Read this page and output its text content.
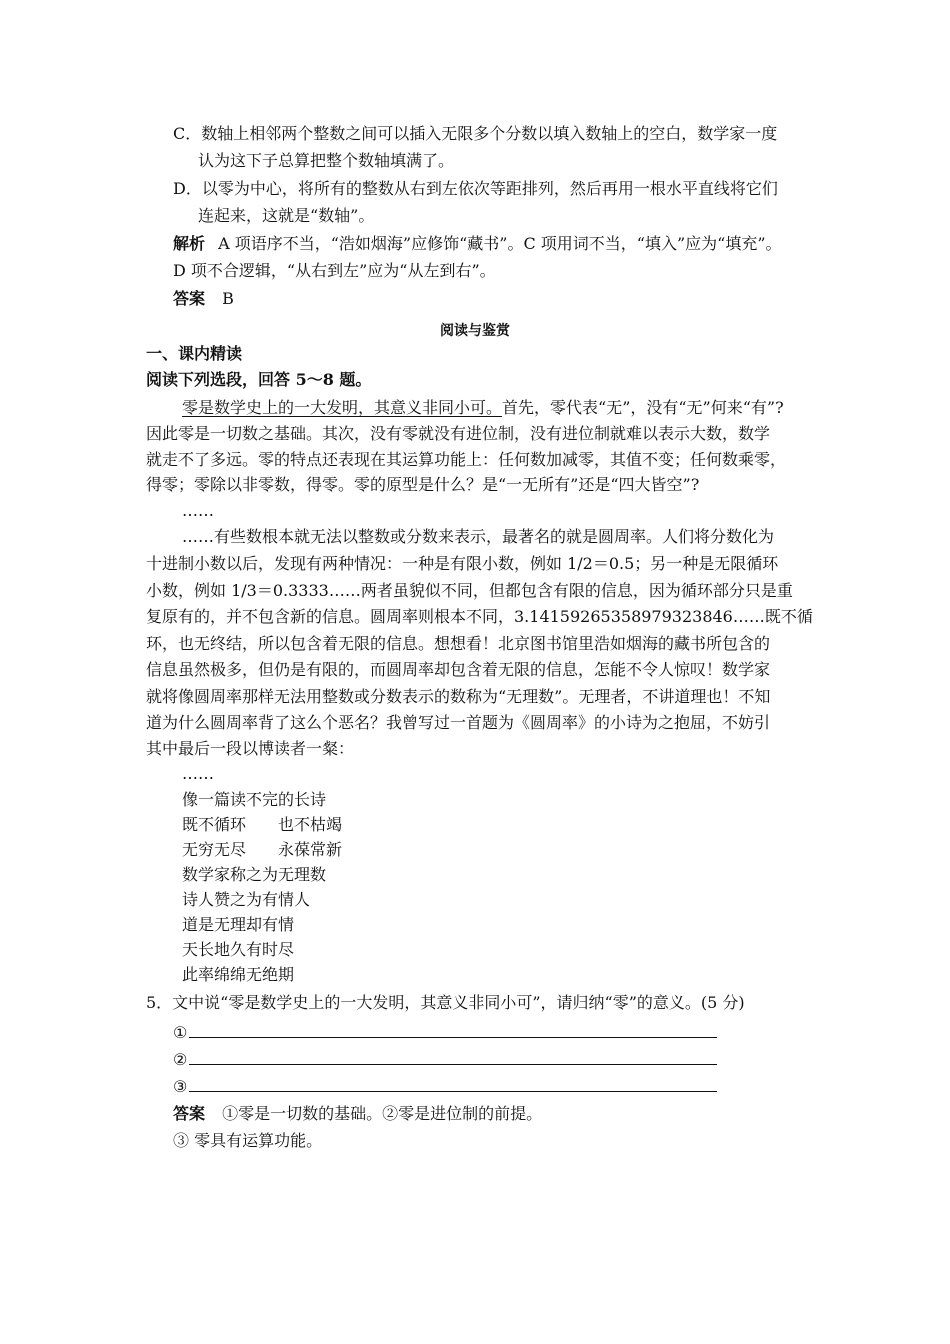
C．数轴上相邻两个整数之间可以插入无限多个分数以填入数轴上的空白，数学家一度
认为这下子总算把整个数轴填满了。
D．以零为中心，将所有的整数从右到左依次等距排列，然后再用一根水平直线将它们
连起来，这就是“数轴”。
解析 A 项语序不当，“浩如烟海”应修饰“藏书”。C 项用词不当，“填入”应为“填充”。
D 项不合逻辑，“从右到左”应为“从左到右”。
答案 B
阅读与鉴赏
一、课内精读
阅读下列选段，回答 5～8 题。
零是数学史上的一大发明，其意义非同小可。首先，零代表“无”，没有“无”何来“有”?
因此零是一切数之基础。其次，没有零就没有进位制，没有进位制就难以表示大数，数学
就走不了多远。零的特点还表现在其运算功能上：任何数加减零，其值不变；任何数乘零，
得零；零除以非零数，得零。零的原型是什么？是“一无所有”还是“四大皆空”?
……
……有些数根本就无法以整数或分数来表示，最著名的就是圆周率。人们将分数化为
十进制小数以后，发现有两种情况：一种是有限小数，例如 1/2＝0.5；另一种是无限循环
小数，例如 1/3＝0.3333……两者虽貌似不同，但都包含有限的信息，因为循环部分只是重
复原有的，并不包含新的信息。圆周率则根本不同，3.14159265358979323846……既不循
环，也无终结，所以包含着无限的信息。想想看！北京图书馆里浩如烟海的藏书所包含的
信息虽然极多，但仍是有限的，而圆周率却包含着无限的信息，怎能不令人惊叹！数学家
就将像圆周率那样无法用整数或分数表示的数称为“无理数”。无理者，不讲道理也！不知
道为什么圆周率背了这么个恶名？我曾写过一首题为《圆周率》的小诗为之抱屈，不妨引
其中最后一段以博读者一粲：
……
像一篇读不完的长诗
既不循环　　也不枯竭
无穷无尽　　永葆常新
数学家称之为无理数
诗人赞之为有情人
道是无理却有情
天长地久有时尽
此率绵绵无绝期
5．文中说“零是数学史上的一大发明，其意义非同小可”，请归纳“零”的意义。(5 分)
①
②
③
答案 ①零是一切数的基础。②零是进位制的前提。
③ 零具有运算功能。
